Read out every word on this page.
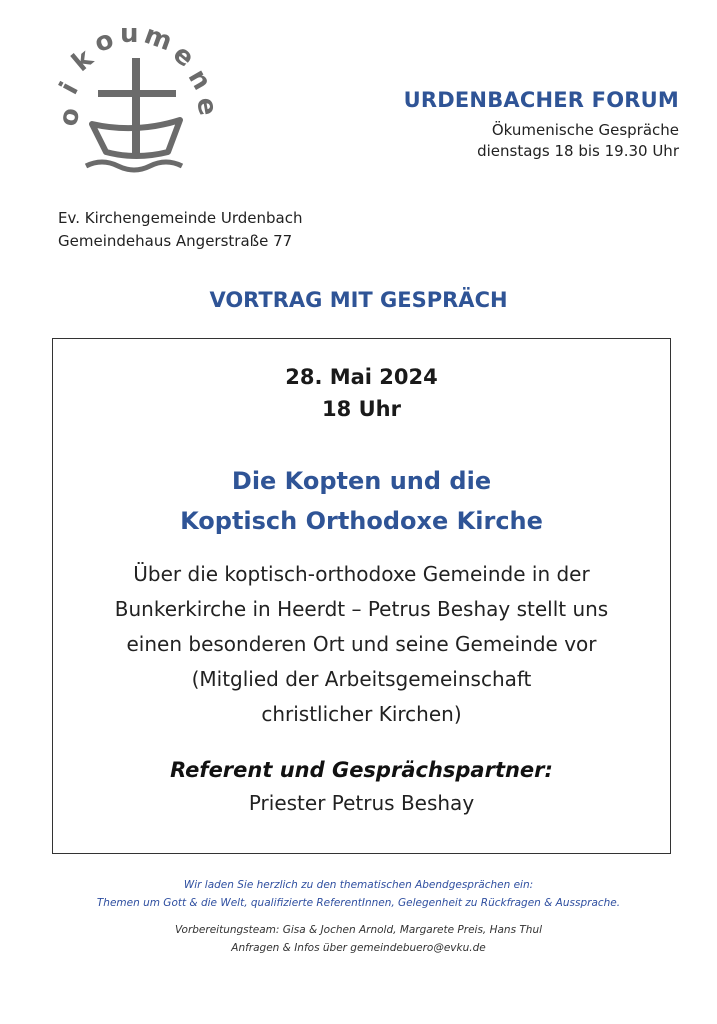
o
i
k
o u m
e
n
e	URDENBACHER FORUM
Ökumenische Gespräche
dienstags 18 bis 19.30 Uhr
Ev. Kirchengemeinde Urdenbach
Gemeindehaus Angerstraße 77
VORTRAG MIT GESPRÄCH
28. Mai 2024
18 Uhr
Die Kopten und die
Koptisch Orthodoxe Kirche
Über die koptisch-orthodoxe Gemeinde in der
Bunkerkirche in Heerdt – Petrus Beshay stellt uns
einen besonderen Ort und seine Gemeinde vor
(Mitglied der Arbeitsgemeinschaft
christlicher Kirchen)
Referent und Gesprächspartner:
Priester Petrus Beshay
Wir laden Sie herzlich zu den thematischen Abendgesprächen ein:
Themen um Gott & die Welt, qualifizierte ReferentInnen, Gelegenheit zu Rückfragen & Aussprache.
Vorbereitungsteam: Gisa & Jochen Arnold, Margarete Preis, Hans Thul
Anfragen & Infos über gemeindebuero@evku.de
